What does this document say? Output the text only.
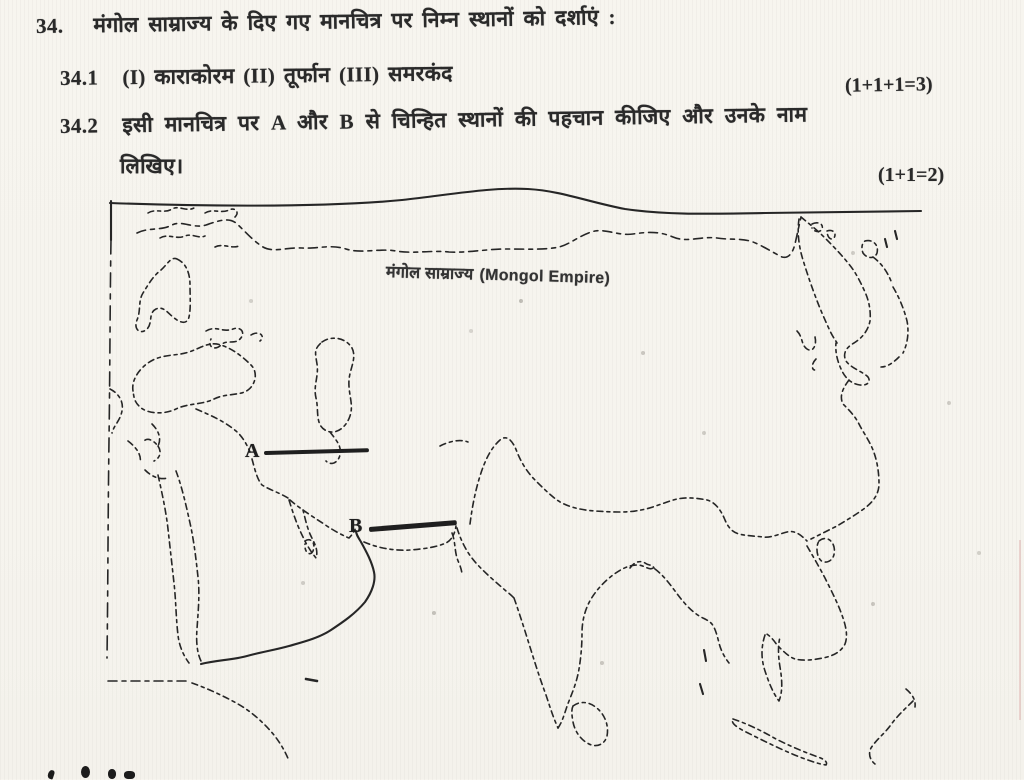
34. मंगोल साम्राज्य के दिए गए मानचित्र पर निम्न स्थानों को दर्शाएं :
34.1 (I) काराकोरम (II) तूर्फान (III) समरकंद	(1+1+1=3)
34.2 इसी मानचित्र पर A और B से चिन्हित स्थानों की पहचान कीजिए और उनके नाम
लिखिए।	(1+1=2)
मंगोल साम्राज्य (Mongol Empire)
A
B
